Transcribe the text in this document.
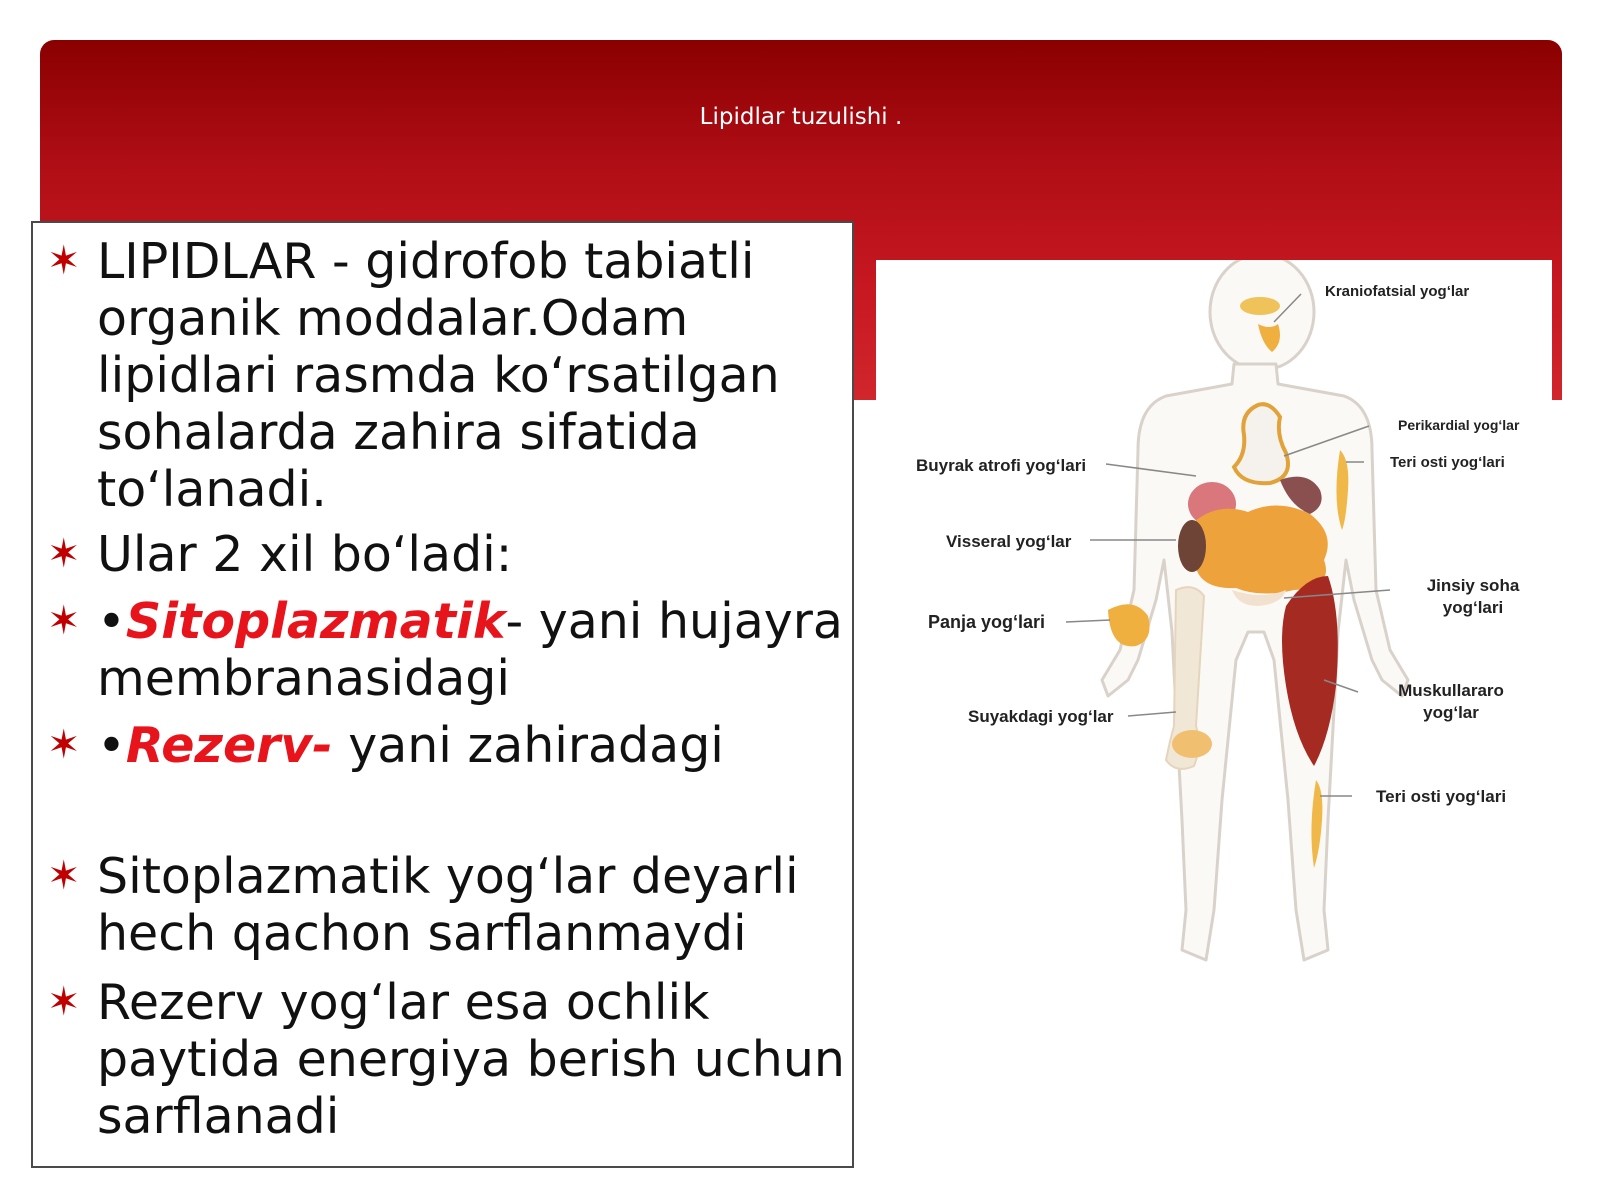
Lipidlar tuzulishi .
✶ LIPIDLAR - gidrofob tabiatli organik moddalar.Odam lipidlari rasmda ko‘rsatilgan sohalarda zahira sifatida to‘lanadi.
✶ Ular 2 xil bo‘ladi:
✶ •Sitoplazmatik- yani hujayra membranasidagi
✶ •Rezerv- yani zahiradagi
✶ Sitoplazmatik yog‘lar deyarli hech qachon sarflanmaydi
✶ Rezerv yog‘lar esa ochlik paytida energiya berish uchun sarflanadi
Kraniofatsial yog‘lar
Perikardial yog‘lar
Teri osti yog‘lari
Buyrak atrofi yog‘lari
Visseral yog‘lar
Jinsiy soha
yog‘lari
Panja yog‘lari
Muskullararo
yog‘lar
Suyakdagi yog‘lar
Teri osti yog‘lari
